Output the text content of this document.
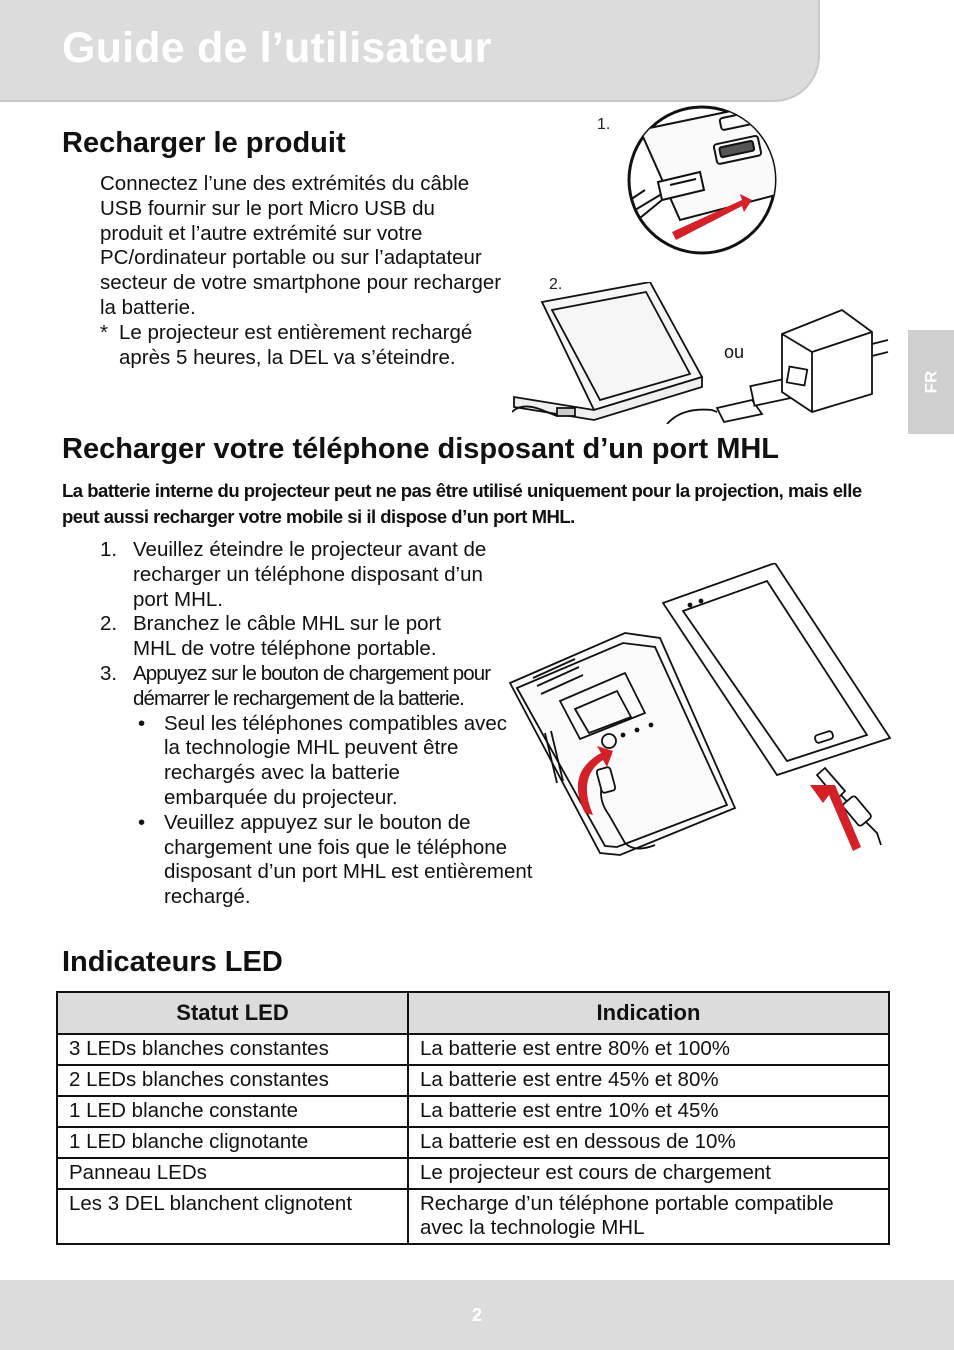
Guide de l’utilisateur
FR
Recharger le produit

Connectez l’une des extrémités du câble USB fournir sur le port Micro USB du produit et l’autre extrémité sur votre PC/ordinateur portable ou sur l’adaptateur secteur de votre smartphone pour recharger la batterie.

* Le projecteur est entièrement rechargé après 5 heures, la DEL va s’éteindre.
1.
2.
ou
Recharger votre téléphone disposant d’un port MHL
La batterie interne du projecteur peut ne pas être utilisé uniquement pour la projection, mais elle peut aussi recharger votre mobile si il dispose d’un port MHL.
1. Veuillez éteindre le projecteur avant de recharger un téléphone disposant d’un port MHL.
2. Branchez le câble MHL sur le port MHL de votre téléphone portable.
3. Appuyez sur le bouton de chargement pour démarrer le rechargement de la batterie.
• Seul les téléphones compatibles avec la technologie MHL peuvent être rechargés avec la batterie embarquée du projecteur.
• Veuillez appuyez sur le bouton de chargement une fois que le téléphone disposant d’un port MHL est entièrement rechargé.
Indicateurs LED
Statut LED	Indication
3 LEDs blanches constantes	La batterie est entre 80% et 100%
2 LEDs blanches constantes	La batterie est entre 45% et 80%
1 LED blanche constante	La batterie est entre 10% et 45%
1 LED blanche clignotante	La batterie est en dessous de 10%
Panneau LEDs	Le projecteur est cours de chargement
Les 3 DEL blanchent clignotent	Recharge d’un téléphone portable compatible avec la technologie MHL
2
